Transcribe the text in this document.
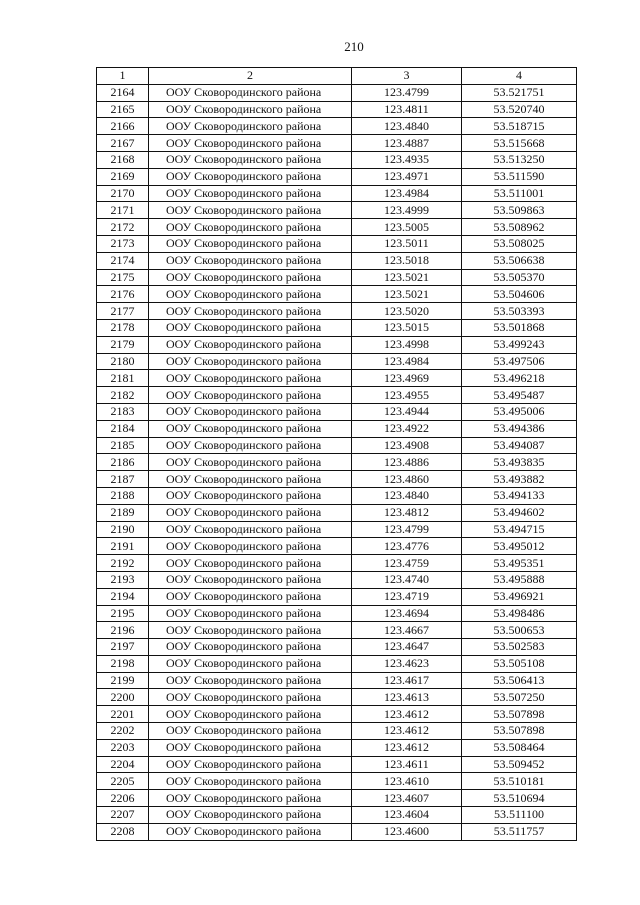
210
1	2	3	4
2164	ООУ Сковородинского района	123.4799	53.521751
2165	ООУ Сковородинского района	123.4811	53.520740
2166	ООУ Сковородинского района	123.4840	53.518715
2167	ООУ Сковородинского района	123.4887	53.515668
2168	ООУ Сковородинского района	123.4935	53.513250
2169	ООУ Сковородинского района	123.4971	53.511590
2170	ООУ Сковородинского района	123.4984	53.511001
2171	ООУ Сковородинского района	123.4999	53.509863
2172	ООУ Сковородинского района	123.5005	53.508962
2173	ООУ Сковородинского района	123.5011	53.508025
2174	ООУ Сковородинского района	123.5018	53.506638
2175	ООУ Сковородинского района	123.5021	53.505370
2176	ООУ Сковородинского района	123.5021	53.504606
2177	ООУ Сковородинского района	123.5020	53.503393
2178	ООУ Сковородинского района	123.5015	53.501868
2179	ООУ Сковородинского района	123.4998	53.499243
2180	ООУ Сковородинского района	123.4984	53.497506
2181	ООУ Сковородинского района	123.4969	53.496218
2182	ООУ Сковородинского района	123.4955	53.495487
2183	ООУ Сковородинского района	123.4944	53.495006
2184	ООУ Сковородинского района	123.4922	53.494386
2185	ООУ Сковородинского района	123.4908	53.494087
2186	ООУ Сковородинского района	123.4886	53.493835
2187	ООУ Сковородинского района	123.4860	53.493882
2188	ООУ Сковородинского района	123.4840	53.494133
2189	ООУ Сковородинского района	123.4812	53.494602
2190	ООУ Сковородинского района	123.4799	53.494715
2191	ООУ Сковородинского района	123.4776	53.495012
2192	ООУ Сковородинского района	123.4759	53.495351
2193	ООУ Сковородинского района	123.4740	53.495888
2194	ООУ Сковородинского района	123.4719	53.496921
2195	ООУ Сковородинского района	123.4694	53.498486
2196	ООУ Сковородинского района	123.4667	53.500653
2197	ООУ Сковородинского района	123.4647	53.502583
2198	ООУ Сковородинского района	123.4623	53.505108
2199	ООУ Сковородинского района	123.4617	53.506413
2200	ООУ Сковородинского района	123.4613	53.507250
2201	ООУ Сковородинского района	123.4612	53.507898
2202	ООУ Сковородинского района	123.4612	53.507898
2203	ООУ Сковородинского района	123.4612	53.508464
2204	ООУ Сковородинского района	123.4611	53.509452
2205	ООУ Сковородинского района	123.4610	53.510181
2206	ООУ Сковородинского района	123.4607	53.510694
2207	ООУ Сковородинского района	123.4604	53.511100
2208	ООУ Сковородинского района	123.4600	53.511757
